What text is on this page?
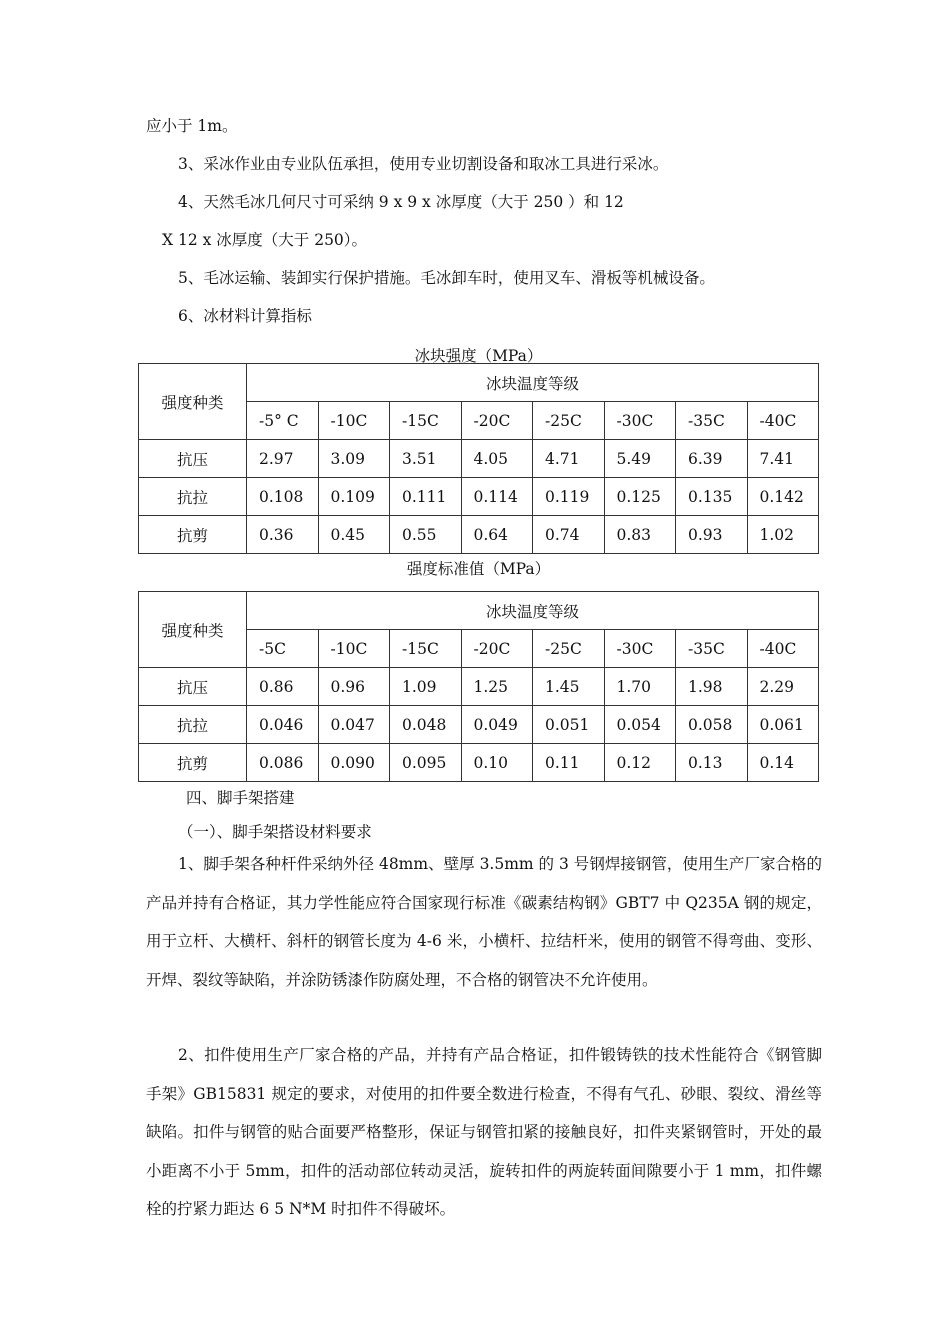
应小于 1m。
3、采冰作业由专业队伍承担，使用专业切割设备和取冰工具进行采冰。
4、天然毛冰几何尺寸可采纳 9 x 9 x 冰厚度（大于 250 ）和 12
X 12 x 冰厚度（大于 250）。
5、毛冰运输、装卸实行保护措施。毛冰卸车时，使用叉车、滑板等机械设备。
6、冰材料计算指标
冰块强度（MPa）
强度种类	冰块温度等级							
	-5° C	-10C	-15C	-20C	-25C	-30C	-35C	-40C
抗压	2.97	3.09	3.51	4.05	4.71	5.49	6.39	7.41
抗拉	0.108	0.109	0.111	0.114	0.119	0.125	0.135	0.142
抗剪	0.36	0.45	0.55	0.64	0.74	0.83	0.93	1.02
强度标准值（MPa）
强度种类	冰块温度等级							
	-5C	-10C	-15C	-20C	-25C	-30C	-35C	-40C
抗压	0.86	0.96	1.09	1.25	1.45	1.70	1.98	2.29
抗拉	0.046	0.047	0.048	0.049	0.051	0.054	0.058	0.061
抗剪	0.086	0.090	0.095	0.10	0.11	0.12	0.13	0.14
四、脚手架搭建
（一）、脚手架搭设材料要求
1、脚手架各种杆件采纳外径 48mm、壁厚 3.5mm 的 3 号钢焊接钢管，使用生产厂家合格的产品并持有合格证，其力学性能应符合国家现行标准《碳素结构钢》GBT7 中 Q235A 钢的规定，用于立杆、大横杆、斜杆的钢管长度为 4-6 米，小横杆、拉结杆米，使用的钢管不得弯曲、变形、开焊、裂纹等缺陷，并涂防锈漆作防腐处理，不合格的钢管决不允许使用。
2、扣件使用生产厂家合格的产品，并持有产品合格证，扣件锻铸铁的技术性能符合《钢管脚手架》GB15831 规定的要求，对使用的扣件要全数进行检查，不得有气孔、砂眼、裂纹、滑丝等缺陷。扣件与钢管的贴合面要严格整形，保证与钢管扣紧的接触良好，扣件夹紧钢管时，开处的最小距离不小于 5mm，扣件的活动部位转动灵活，旋转扣件的两旋转面间隙要小于 1 mm，扣件螺栓的拧紧力距达 6 5 N*M 时扣件不得破坏。
